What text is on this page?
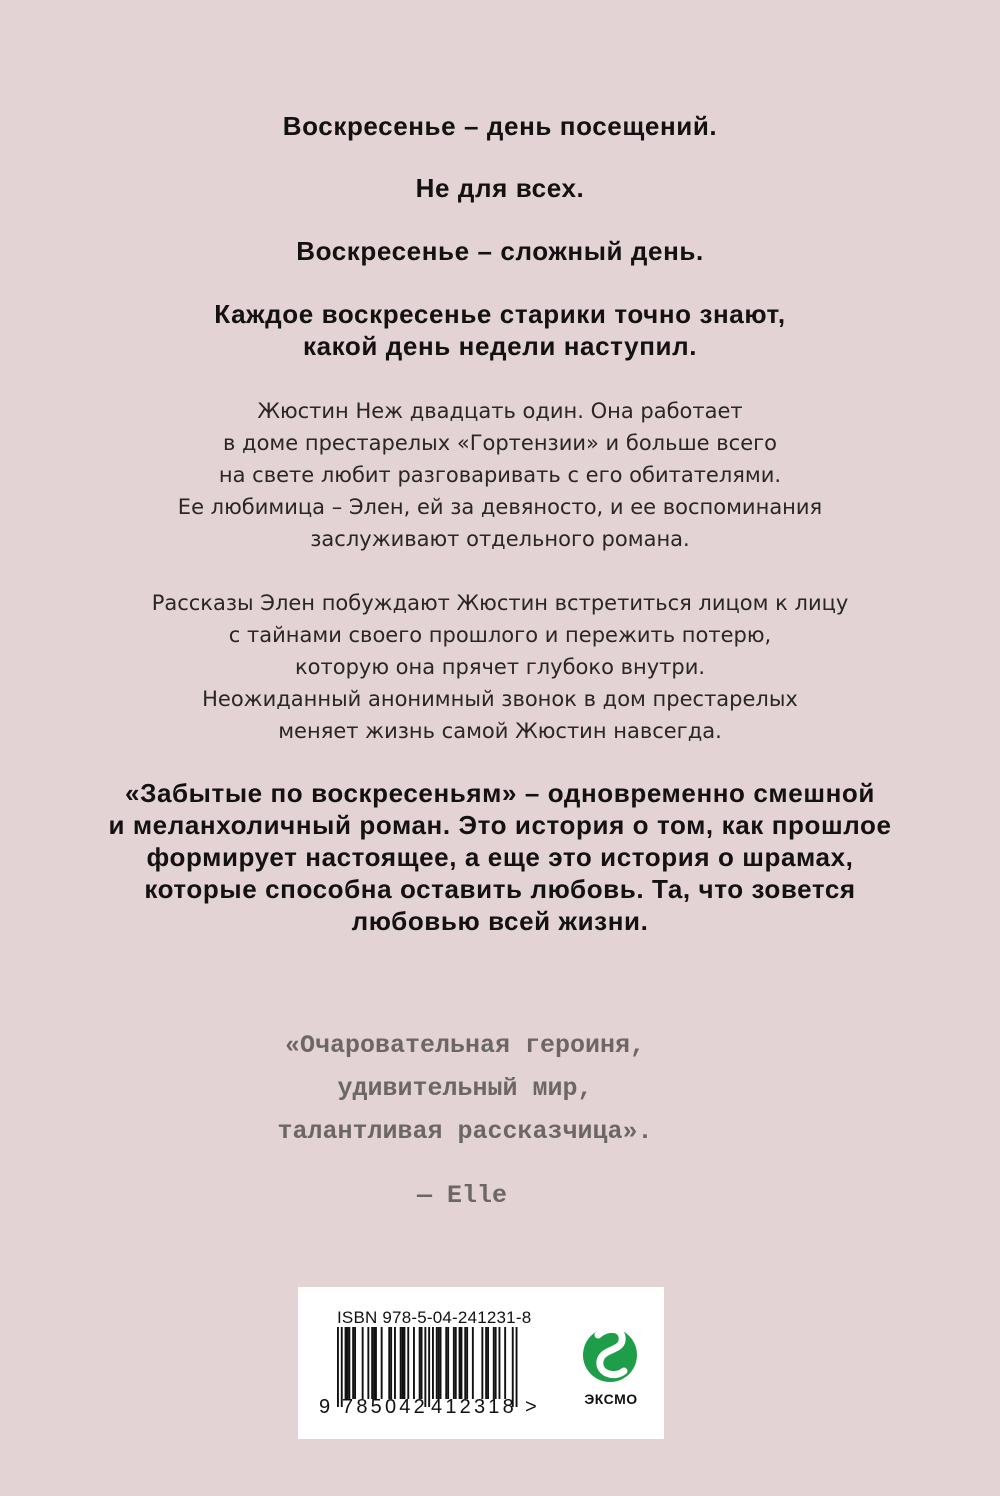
Воскресенье – день посещений.
Не для всех.
Воскресенье – сложный день.
Каждое воскресенье старики точно знают,
какой день недели наступил.
Жюстин Неж двадцать один. Она работает
в доме престарелых «Гортензии» и больше всего
на свете любит разговаривать с его обитателями.
Ее любимица – Элен, ей за девяносто, и ее воспоминания
заслуживают отдельного романа.
Рассказы Элен побуждают Жюстин встретиться лицом к лицу
с тайнами своего прошлого и пережить потерю,
которую она прячет глубоко внутри.
Неожиданный анонимный звонок в дом престарелых
меняет жизнь самой Жюстин навсегда.
«Забытые по воскресеньям» – одновременно смешной
и меланхоличный роман. Это история о том, как прошлое
формирует настоящее, а еще это история о шрамах,
которые способна оставить любовь. Та, что зовется
любовью всей жизни.
«Очаровательная героиня,
удивительный мир,
талантливая рассказчица».
— Elle
ISBN 978-5-04-241231-8
9 785042 412318 >	ЭКСМО
